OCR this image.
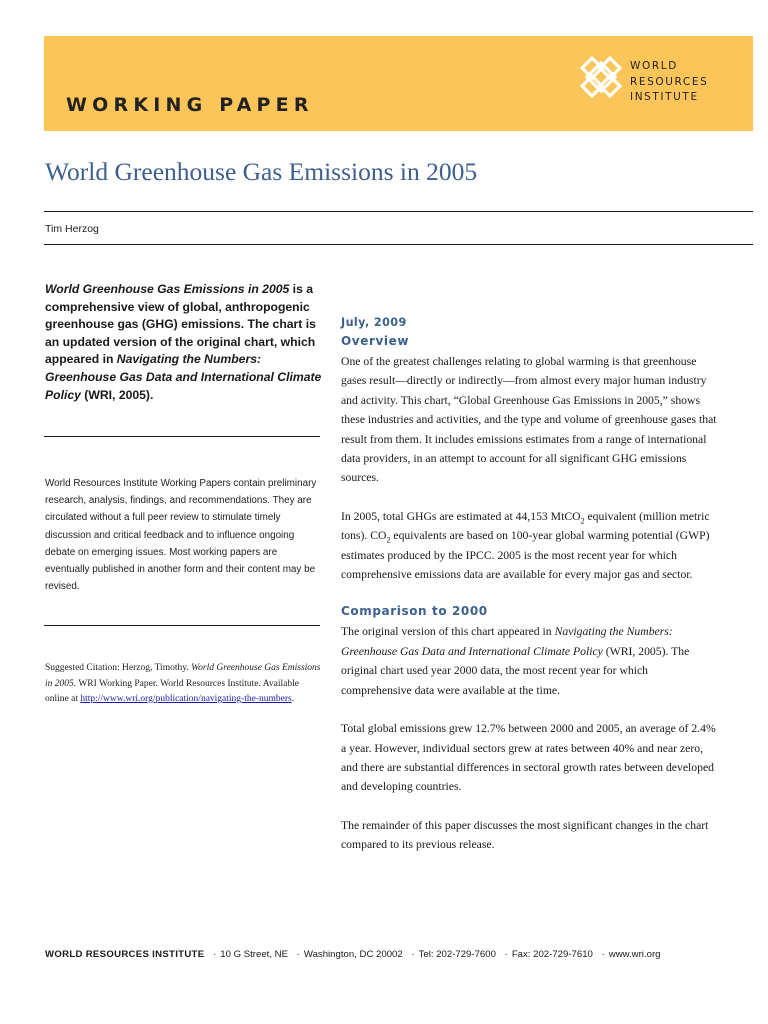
WORKING PAPER
WORLD
RESOURCES
INSTITUTE
World Greenhouse Gas Emissions in 2005
Tim Herzog
World Greenhouse Gas Emissions in 2005 is a comprehensive view of global, anthropogenic greenhouse gas (GHG) emissions. The chart is an updated version of the original chart, which appeared in Navigating the Numbers: Greenhouse Gas Data and International Climate Policy (WRI, 2005).
World Resources Institute Working Papers contain preliminary research, analysis, findings, and recommendations. They are circulated without a full peer review to stimulate timely discussion and critical feedback and to influence ongoing debate on emerging issues. Most working papers are eventually published in another form and their content may be revised.
Suggested Citation: Herzog, Timothy. World Greenhouse Gas Emissions in 2005. WRI Working Paper. World Resources Institute. Available online at http://www.wri.org/publication/navigating-the-numbers.
July, 2009
Overview

One of the greatest challenges relating to global warming is that greenhouse gases result—directly or indirectly—from almost every major human industry and activity. This chart, “Global Greenhouse Gas Emissions in 2005,” shows these industries and activities, and the type and volume of greenhouse gases that result from them. It includes emissions estimates from a range of international data providers, in an attempt to account for all significant GHG emissions sources.

In 2005, total GHGs are estimated at 44,153 MtCO$_2$ equivalent (million metric tons). $CO_2$ equivalents are based on 100-year global warming potential (GWP) estimates produced by the IPCC. 2005 is the most recent year for which comprehensive emissions data are available for every major gas and sector.

Comparison to 2000

The original version of this chart appeared in Navigating the Numbers: Greenhouse Gas Data and International Climate Policy (WRI, 2005). The original chart used year 2000 data, the most recent year for which comprehensive data were available at the time.

Total global emissions grew 12.7% between 2000 and 2005, an average of 2.4% a year. However, individual sectors grew at rates between 40% and near zero, and there are substantial differences in sectoral growth rates between developed and developing countries.

The remainder of this paper discusses the most significant changes in the chart compared to its previous release.

WORLD RESOURCES INSTITUTE · 10 G Street, NE · Washington, DC 20002 · Tel: 202-729-7600 · Fax: 202-729-7610 · www.wri.org
